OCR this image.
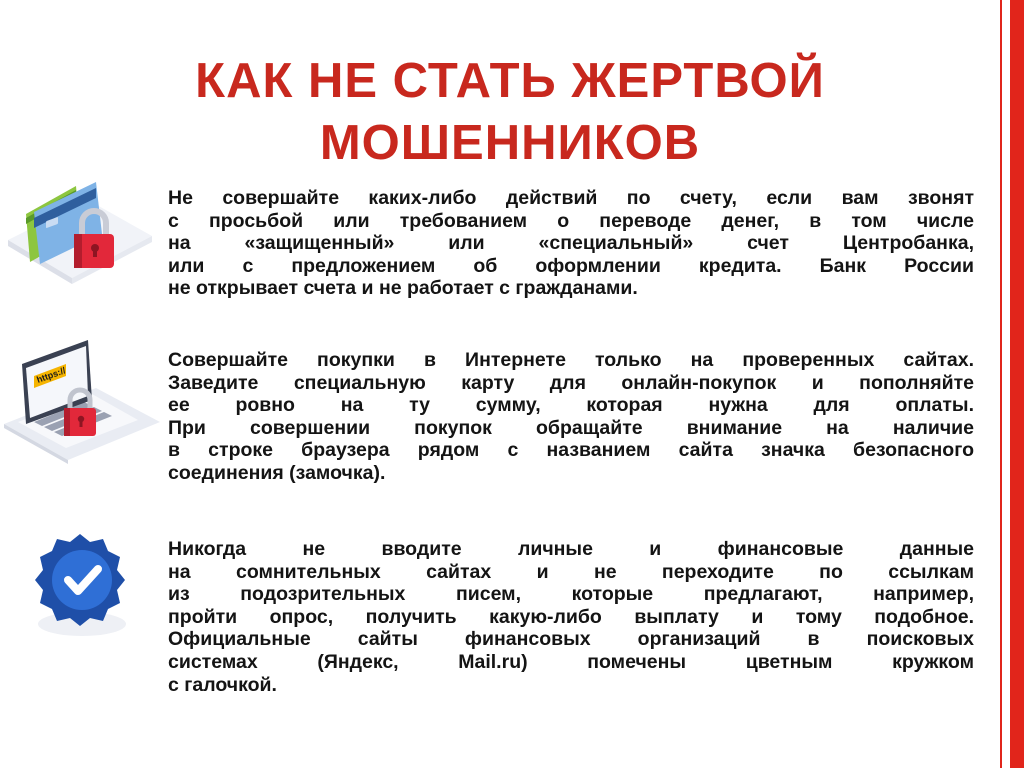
КАК НЕ СТАТЬ ЖЕРТВОЙ
МОШЕННИКОВ
https://
Не совершайте каких-либо действий по счету, если вам звонят
с просьбой или требованием о переводе денег, в том числе
на «защищенный» или «специальный» счет Центробанка,
или с предложением об оформлении кредита. Банк России
не открывает счета и не работает с гражданами.
Совершайте покупки в Интернете только на проверенных сайтах.
Заведите специальную карту для онлайн-покупок и пополняйте
ее ровно на ту сумму, которая нужна для оплаты.
При совершении покупок обращайте внимание на наличие
в строке браузера рядом с названием сайта значка безопасного
соединения (замочка).
Никогда не вводите личные и финансовые данные
на сомнительных сайтах и не переходите по ссылкам
из подозрительных писем, которые предлагают, например,
пройти опрос, получить какую-либо выплату и тому подобное.
Официальные сайты финансовых организаций в поисковых
системах (Яндекс, Mail.ru) помечены цветным кружком
с галочкой.
